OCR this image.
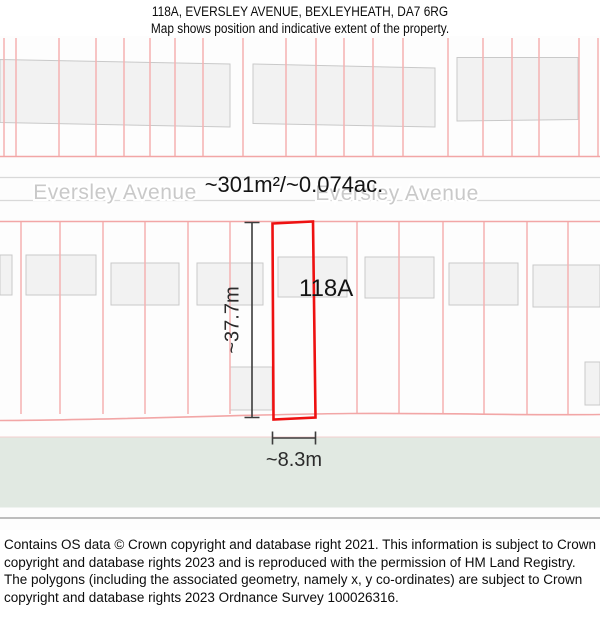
118A, EVERSLEY AVENUE, BEXLEYHEATH, DA7 6RG
Map shows position and indicative extent of the property.
Eversley Avenue	Eversley Avenue
~301m²/~0.074ac.
~37.7m
~8.3m
118A
Contains OS data © Crown copyright and database right 2021. This information is subject to Crown copyright and database rights 2023 and is reproduced with the permission of HM Land Registry. The polygons (including the associated geometry, namely x, y co-ordinates) are subject to Crown copyright and database rights 2023 Ordnance Survey 100026316.
